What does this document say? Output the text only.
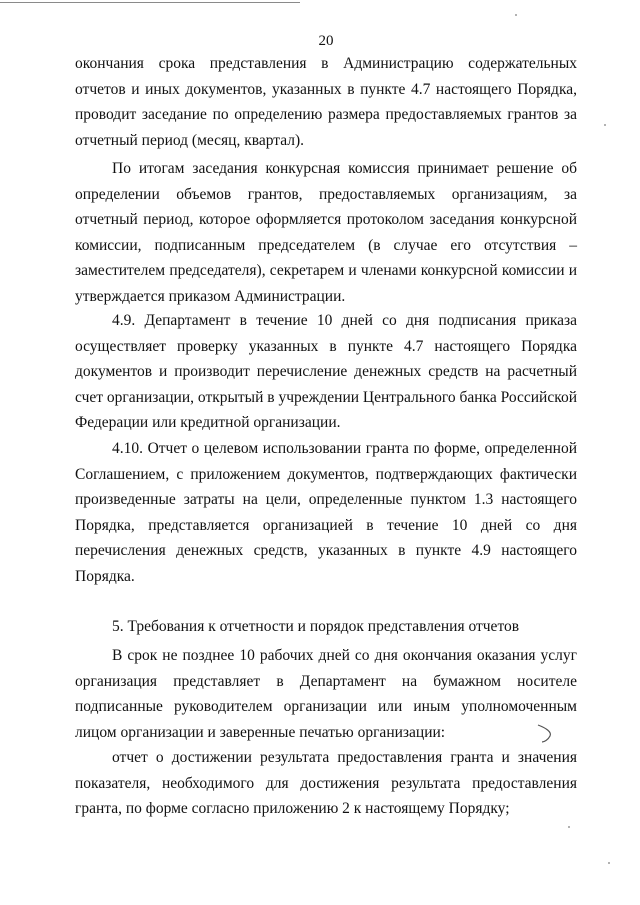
20

окончания срока представления в Администрацию содержательных отчетов и иных документов, указанных в пункте 4.7 настоящего Порядка, проводит заседание по определению размера предоставляемых грантов за отчетный период (месяц, квартал).

По итогам заседания конкурсная комиссия принимает решение об определении объемов грантов, предоставляемых организациям, за отчетный период, которое оформляется протоколом заседания конкурсной комиссии, подписанным председателем (в случае его отсутствия – заместителем председателя), секретарем и членами конкурсной комиссии и утверждается приказом Администрации.

4.9. Департамент в течение 10 дней со дня подписания приказа осуществляет проверку указанных в пункте 4.7 настоящего Порядка документов и производит перечисление денежных средств на расчетный счет организации, открытый в учреждении Центрального банка Российской Федерации или кредитной организации.

4.10. Отчет о целевом использовании гранта по форме, определенной Соглашением, с приложением документов, подтверждающих фактически произведенные затраты на цели, определенные пунктом 1.3 настоящего Порядка, представляется организацией в течение 10 дней со дня перечисления денежных средств, указанных в пункте 4.9 настоящего Порядка.

5. Требования к отчетности и порядок представления отчетов

В срок не позднее 10 рабочих дней со дня окончания оказания услуг организация представляет в Департамент на бумажном носителе подписанные руководителем организации или иным уполномоченным лицом организации и заверенные печатью организации:

отчет о достижении результата предоставления гранта и значения показателя, необходимого для достижения результата предоставления гранта, по форме согласно приложению 2 к настоящему Порядку;
